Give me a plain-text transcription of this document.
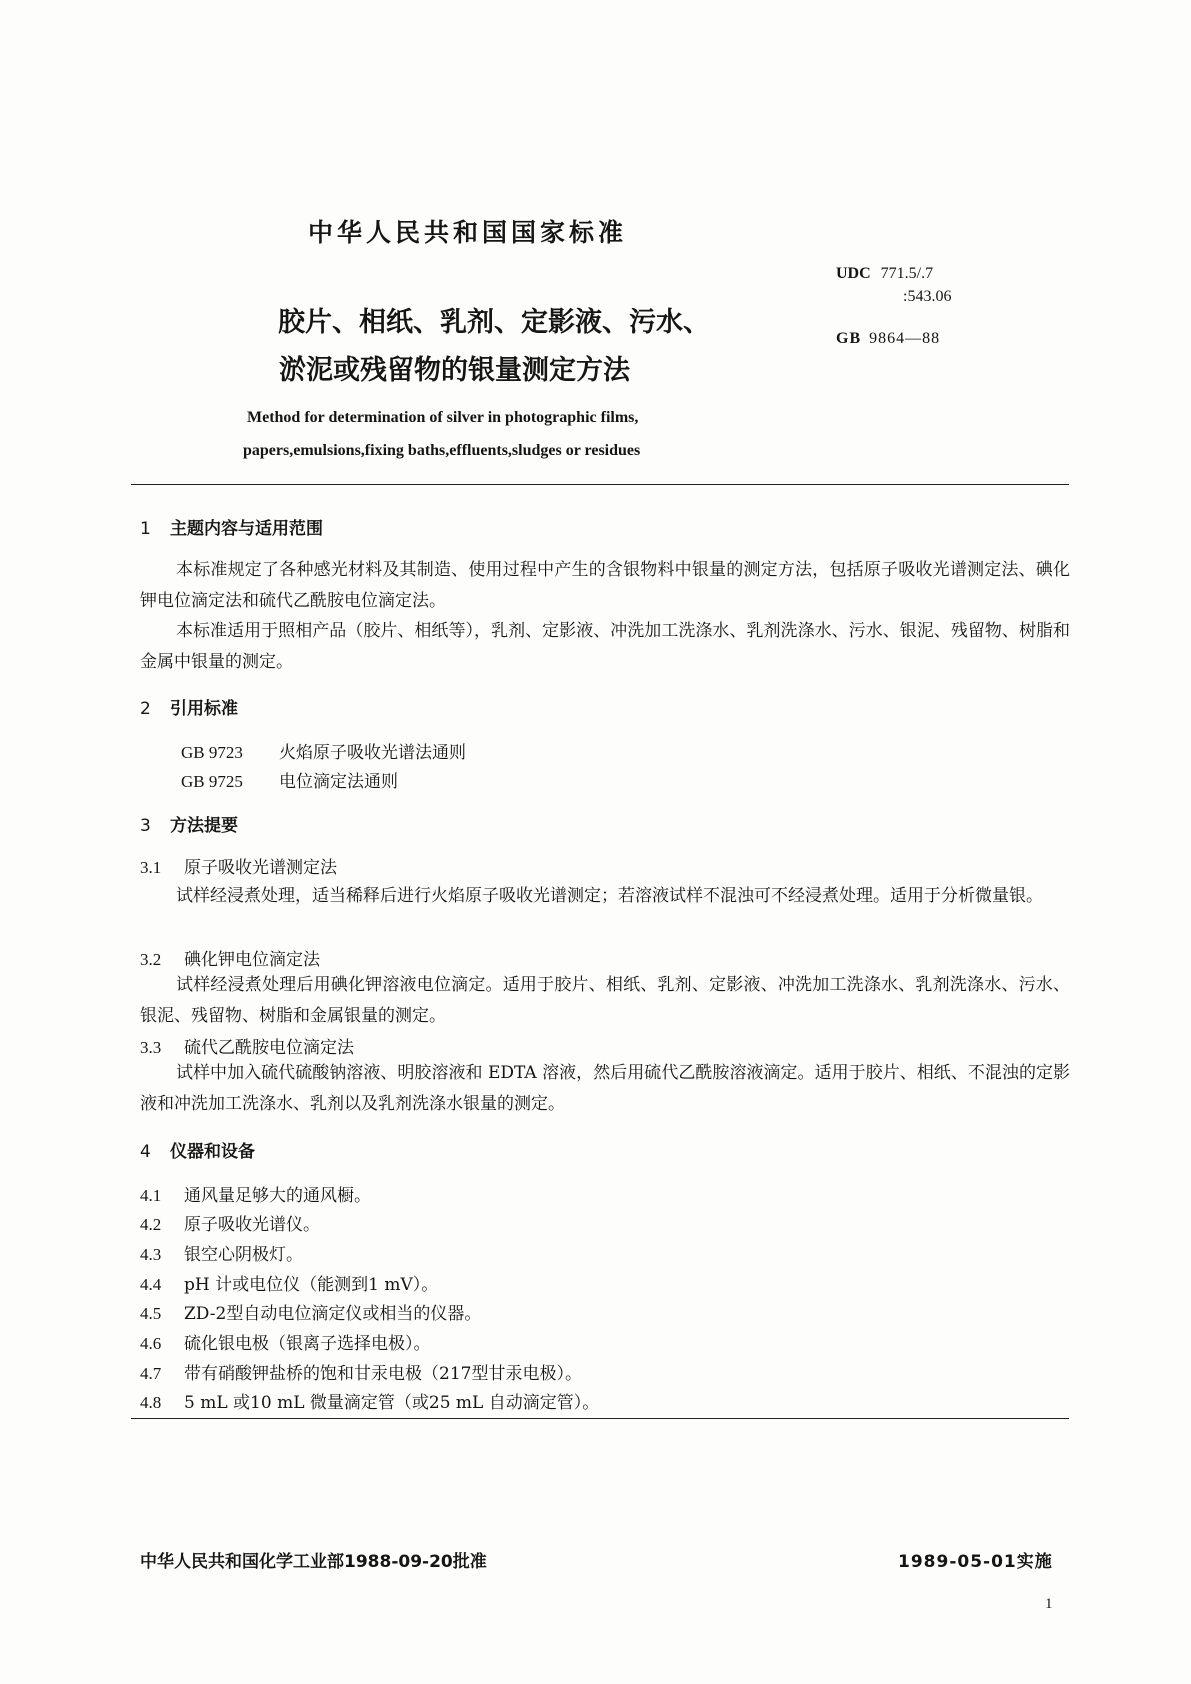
中华人民共和国国家标准
UDC 771.5/.7
:543.06
GB 9864—88
胶片、相纸、乳剂、定影液、污水、
淤泥或残留物的银量测定方法
Method for determination of silver in photographic films,
papers,emulsions,fixing baths,effluents,sludges or residues
1 主题内容与适用范围
本标准规定了各种感光材料及其制造、使用过程中产生的含银物料中银量的测定方法，包括原子吸收光谱测定法、碘化钾电位滴定法和硫代乙酰胺电位滴定法。
本标准适用于照相产品（胶片、相纸等），乳剂、定影液、冲洗加工洗涤水、乳剂洗涤水、污水、银泥、残留物、树脂和金属中银量的测定。
2 引用标准
GB 9723 火焰原子吸收光谱法通则
GB 9725 电位滴定法通则
3 方法提要
3.1 原子吸收光谱测定法
试样经浸煮处理，适当稀释后进行火焰原子吸收光谱测定；若溶液试样不混浊可不经浸煮处理。适用于分析微量银。
3.2 碘化钾电位滴定法
试样经浸煮处理后用碘化钾溶液电位滴定。适用于胶片、相纸、乳剂、定影液、冲洗加工洗涤水、乳剂洗涤水、污水、银泥、残留物、树脂和金属银量的测定。
3.3 硫代乙酰胺电位滴定法
试样中加入硫代硫酸钠溶液、明胶溶液和 EDTA 溶液，然后用硫代乙酰胺溶液滴定。适用于胶片、相纸、不混浊的定影液和冲洗加工洗涤水、乳剂以及乳剂洗涤水银量的测定。
4 仪器和设备
4.1 通风量足够大的通风橱。
4.2 原子吸收光谱仪。
4.3 银空心阴极灯。
4.4 pH 计或电位仪（能测到1 mV）。
4.5 ZD-2型自动电位滴定仪或相当的仪器。
4.6 硫化银电极（银离子选择电极）。
4.7 带有硝酸钾盐桥的饱和甘汞电极（217型甘汞电极）。
4.8 5 mL 或10 mL 微量滴定管（或25 mL 自动滴定管）。
中华人民共和国化学工业部1988-09-20批准	1989-05-01实施
1
